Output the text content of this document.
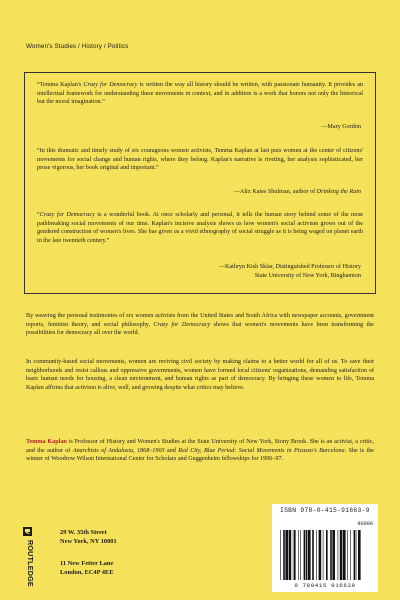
Women's Studies / History / Politics
“Temma Kaplan's Crazy for Democracy is written the way all history should be written, with passionate humanity. It provides an intellectual framework for understanding these movements in context, and in addition is a work that honors not only the historical but the moral imagination.”
—Mary Gordon
“In this dramatic and timely study of six courageous women activists, Temma Kaplan at last puts women at the center of citizens' movements for social change and human rights, where they belong. Kaplan's narrative is riveting, her analysis sophisticated, her prose vigorous, her book original and important.”
—Alix Kates Shulman, author of Drinking the Rain
“Crazy for Democracy is a wonderful book. At once scholarly and personal, it tells the human story behind some of the most pathbreaking social movements of our time. Kaplan's incisive analysis shows us how women's social activism grows out of the gendered construction of women's lives. She has given us a vivid ethnography of social struggle as it is being waged on planet earth in the late twentieth century.”
—Kathryn Kish Sklar, Distinguished Professor of History
State University of New York, Binghamton
By weaving the personal testimonies of six women activists from the United States and South Africa with newspaper accounts, government reports, feminist theory, and social philosophy, Crazy for Democracy shows that women's movements have been transforming the possibilities for democracy all over the world.
In community-based social movements, women are reviving civil society by making claims to a better world for all of us. To save their neighborhoods and resist callous and oppressive governments, women have formed local citizens' organizations, demanding satisfaction of basic human needs for housing, a clean environment, and human rights as part of democracy. By bringing these women to life, Temma Kaplan affirms that activism is alive, well, and growing despite what critics may believe.
Temma Kaplan is Professor of History and Women's Studies at the State University of New York, Stony Brook. She is an activist, a critic, and the author of Anarchists of Andalusia, 1868–1903 and Red City, Blue Period: Social Movements in Picasso's Barcelona. She is the winner of Woodrow Wilson International Center for Scholars and Guggenheim fellowships for 1996–97.
ROUTLEDGE
29 W. 35th Street
New York, NY 10001
11 New Fetter Lane
London, EC4P 4EE
ISBN 978-0-415-91663-9
90000
9 780415 916639
